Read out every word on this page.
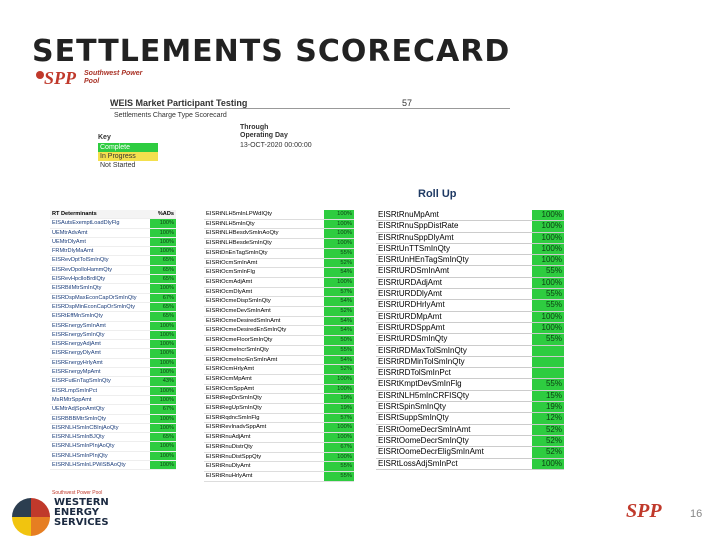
SETTLEMENTS SCORECARD
SPP Southwest Power Pool
WEIS Market Participant Testing	57
Settlements Charge Type Scorecard
Through
Operating Day
13-OCT-2020 00:00:00
Key
Complete
In Progress
Not Started
Roll Up
RT Determinants	%ADs
EISAutsExemptLoadDlyFlg	100%
UEMtrAdvAmt	100%
UEMtrDlyAmt	100%
FRMtrDlyMaAmt	100%
EISRevDptTolSmInQty	65%
EISRevDpolloHammQty	65%
EISRevHpclloBrdlQty	65%
EISRBiIMtrSmInQty	100%
EISRDspMaxEconCapOrSmInQty	67%
EISRDspMinEconCapOrSmInQty	65%
EISRtEffMnSmInQty	65%
EISREnergySmInAmt	100%
EISREnergySmInQty	100%
EISREnergyAdjAmt	100%
EISREnergyDlyAmt	100%
EISREnergyHrlyAmt	100%
EISREnergyMpAmt	100%
EISRFutEnTagSmInQty	43%
EISRLmpSmInPct	100%
MsRMtrSppAmt	100%
UEMtrAdjSpoAmtQty	67%
EISRBBBMtrSmInQty	100%
EISRNLHSmInCBInjAoQty	100%
EISRNLHSmInBJQty	65%
EISRNLHSmInPInjAoQty	100%
EISRNLHSmInPInjQty	100%
EISRNLHSmInLPWiSBAoQty	100%
EISRtNLH5mInLPWdIQty	100%
EISRtNLH5mInQty	100%
EISRtNLHBesdvSmInAoQty	100%
EISRtNLHBesdeSmInQty	100%
EISRtDnEnTagSmInQty	55%
EISRtOcmSmInAmt	52%
EISRtOcmSmInFlg	54%
EISRtOcmAdjAmt	100%
EISRtOcmDlyAmt	57%
EISRtOcmeDispSmInQty	54%
EISRtOcmeDevSmInAmt	52%
EISRtOcmeDesiredSmInAmt	54%
EISRtOcmeDesiredEnSmInQty	54%
EISRtOcmeFloorSmInQty	50%
EISRtOcmeIncrSmInQty	55%
EISRtOcmeIncrEnSmInAmt	54%
EISRtOcmHrlyAmt	52%
EISRtOcmMpAmt	100%
EISRtOcmSppAmt	100%
EISRtRegDnSmInQty	19%
EISRtRegUpSmInQty	19%
EISRtRqdncSmInFlg	57%
EISRtRevInadvSppAmt	100%
EISRtRnuAdjAmt	100%
EISRtRnuDistrQty	67%
EISRtRnuDistSppQty	100%
EISRtRnuDlyAmt	55%
EISRtRnuHrlyAmt	55%
EISRtRnuMpAmt	100%
EISRtRnuSppDistRate	100%
EISRtRnuSppDlyAmt	100%
EISRtUnTTSmInQty	100%
EISRtUnHEnTagSmInQty	100%
EISRtURDSmInAmt	55%
EISRtURDAdjAmt	100%
EISRtURDDlyAmt	55%
EISRtURDHrlyAmt	55%
EISRtURDMpAmt	100%
EISRtURDSppAmt	100%
EISRtURDSmInQty	55%
EISRtRDMaxTolSmInQty	
EISRtRDMinTolSmInQty	
EISRtRDTolSmInPct	
EISRtKmptDevSmInFlg	55%
EISRtNLH5mInCRFISQty	15%
EISRtSpinSmInQty	19%
EISRtSuppSmInQty	12%
EISRtOomeDecrSmInAmt	52%
EISRtOomeDecrSmInQty	52%
EISRtOomeDecrEligSmInAmt	52%
EISRtLossAdjSmInPct	100%
Southwest Power Pool
WESTERN
ENERGY
SERVICES
SPP	16
